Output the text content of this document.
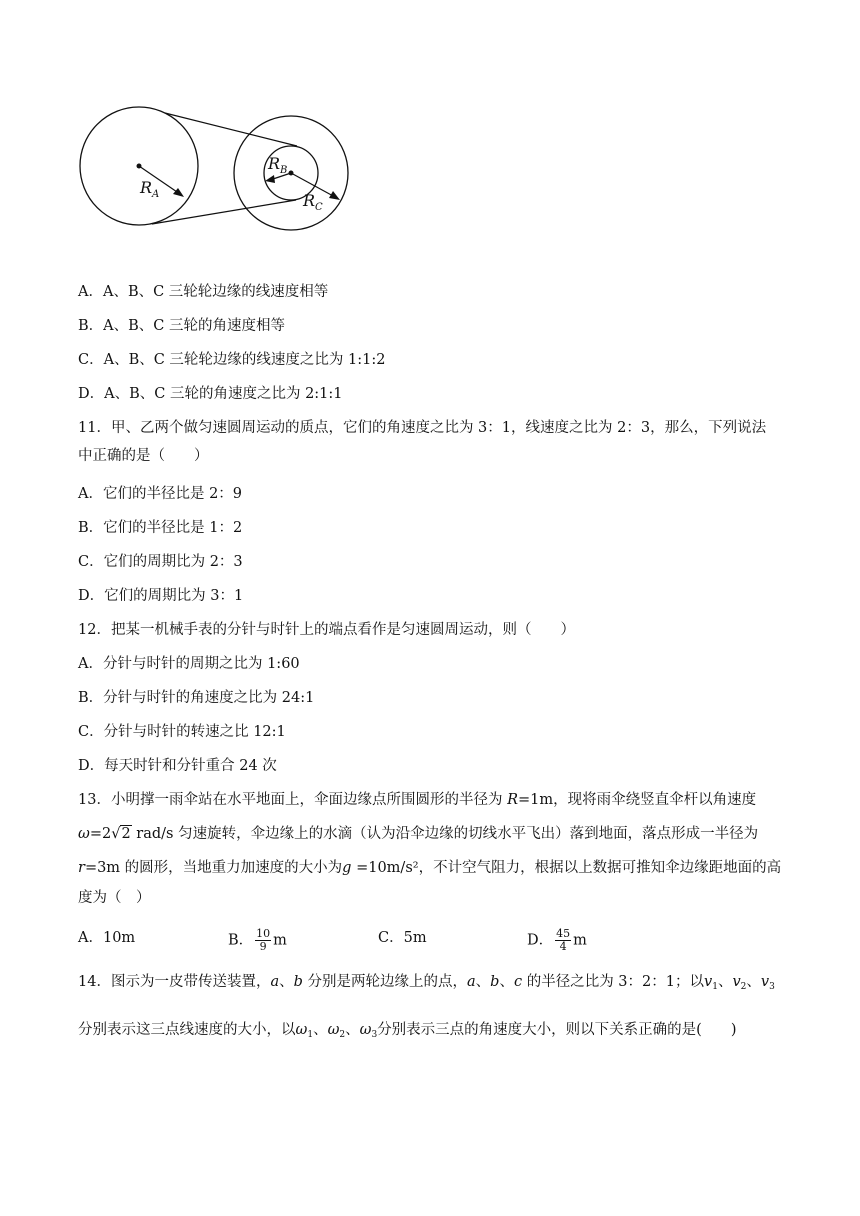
$R_A$
$R_B$
$R_C$
A．A、B、C 三轮轮边缘的线速度相等
B．A、B、C 三轮的角速度相等
C．A、B、C 三轮轮边缘的线速度之比为 1:1:2
D．A、B、C 三轮的角速度之比为 2:1:1
11．甲、乙两个做匀速圆周运动的质点，它们的角速度之比为 3：1，线速度之比为 2：3，那么，下列说法
中正确的是（　　）
A．它们的半径比是 2：9
B．它们的半径比是 1：2
C．它们的周期比为 2：3
D．它们的周期比为 3：1
12．把某一机械手表的分针与时针上的端点看作是匀速圆周运动，则（　　）
A．分针与时针的周期之比为 1:60
B．分针与时针的角速度之比为 24:1
C．分针与时针的转速之比 12:1
D．每天时针和分针重合 24 次
13．小明撑一雨伞站在水平地面上，伞面边缘点所围圆形的半径为 R=1m，现将雨伞绕竖直伞杆以角速度
ω=2√2 rad/s 匀速旋转，伞边缘上的水滴（认为沿伞边缘的切线水平飞出）落到地面，落点形成一半径为
r=3m 的圆形，当地重力加速度的大小为g =10m/s²，不计空气阻力，根据以上数据可推知伞边缘距地面的高
度为（　）
A．10m	B． $\frac{10}{9}$ m	C．5m	D． $\frac{45}{4}$ m
14．图示为一皮带传送装置，a、b 分别是两轮边缘上的点，a、b、c 的半径之比为 3：2：1；以$v_1$、$v_2$、$v_3$
分别表示这三点线速度的大小，以$\omega_1$、$\omega_2$、$\omega_3$分别表示三点的角速度大小，则以下关系正确的是(　　)
